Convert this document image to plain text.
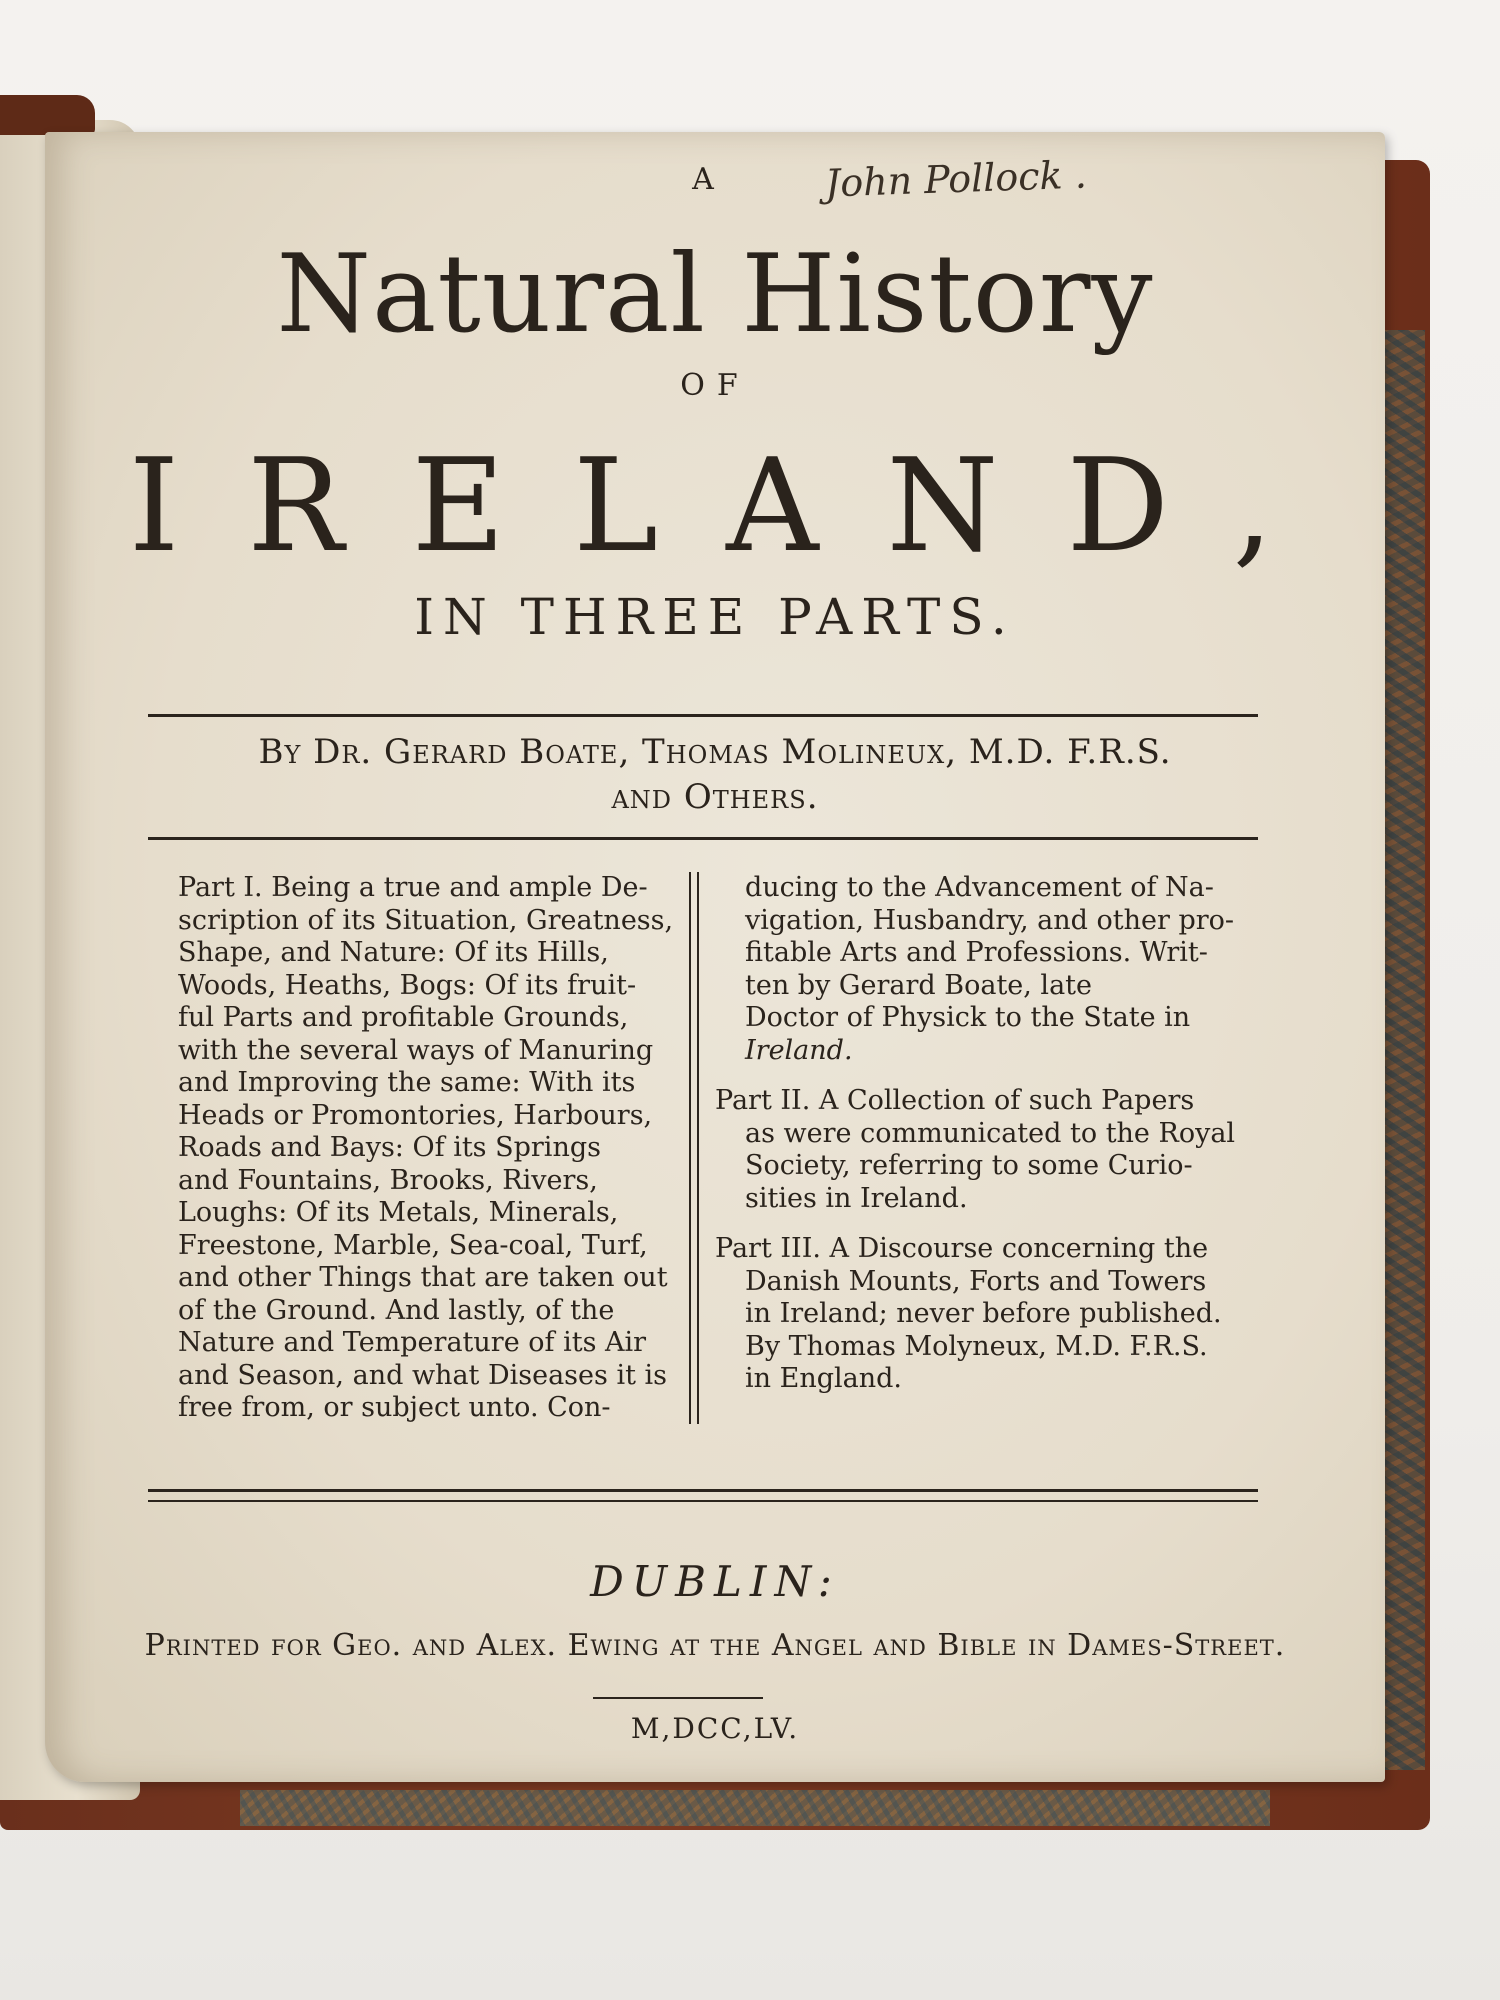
A	John Pollock .
Natural History
OF
IRELAND,
IN THREE PARTS.
By Dr. Gerard Boate, Thomas Molineux, M.D. F.R.S.
and Others.
Part I. Being a true and ample De-
scription of its Situation, Greatness,
Shape, and Nature: Of its Hills,
Woods, Heaths, Bogs: Of its fruit-
ful Parts and profitable Grounds,
with the several ways of Manuring
and Improving the same: With its
Heads or Promontories, Harbours,
Roads and Bays: Of its Springs
and Fountains, Brooks, Rivers,
Loughs: Of its Metals, Minerals,
Freestone, Marble, Sea-coal, Turf,
and other Things that are taken out
of the Ground. And lastly, of the
Nature and Temperature of its Air
and Season, and what Diseases it is
free from, or subject unto. Con-
ducing to the Advancement of Na-
vigation, Husbandry, and other pro-
fitable Arts and Professions. Writ-
ten by Gerard Boate, late
Doctor of Physick to the State in
Ireland.
Part II. A Collection of such Papers
as were communicated to the Royal
Society, referring to some Curio-
sities in Ireland.
Part III. A Discourse concerning the
Danish Mounts, Forts and Towers
in Ireland; never before published.
By Thomas Molyneux, M.D. F.R.S.
in England.
DUBLIN:
Printed for Geo. and Alex. Ewing at the Angel and Bible in Dames-Street.
M,DCC,LV.
